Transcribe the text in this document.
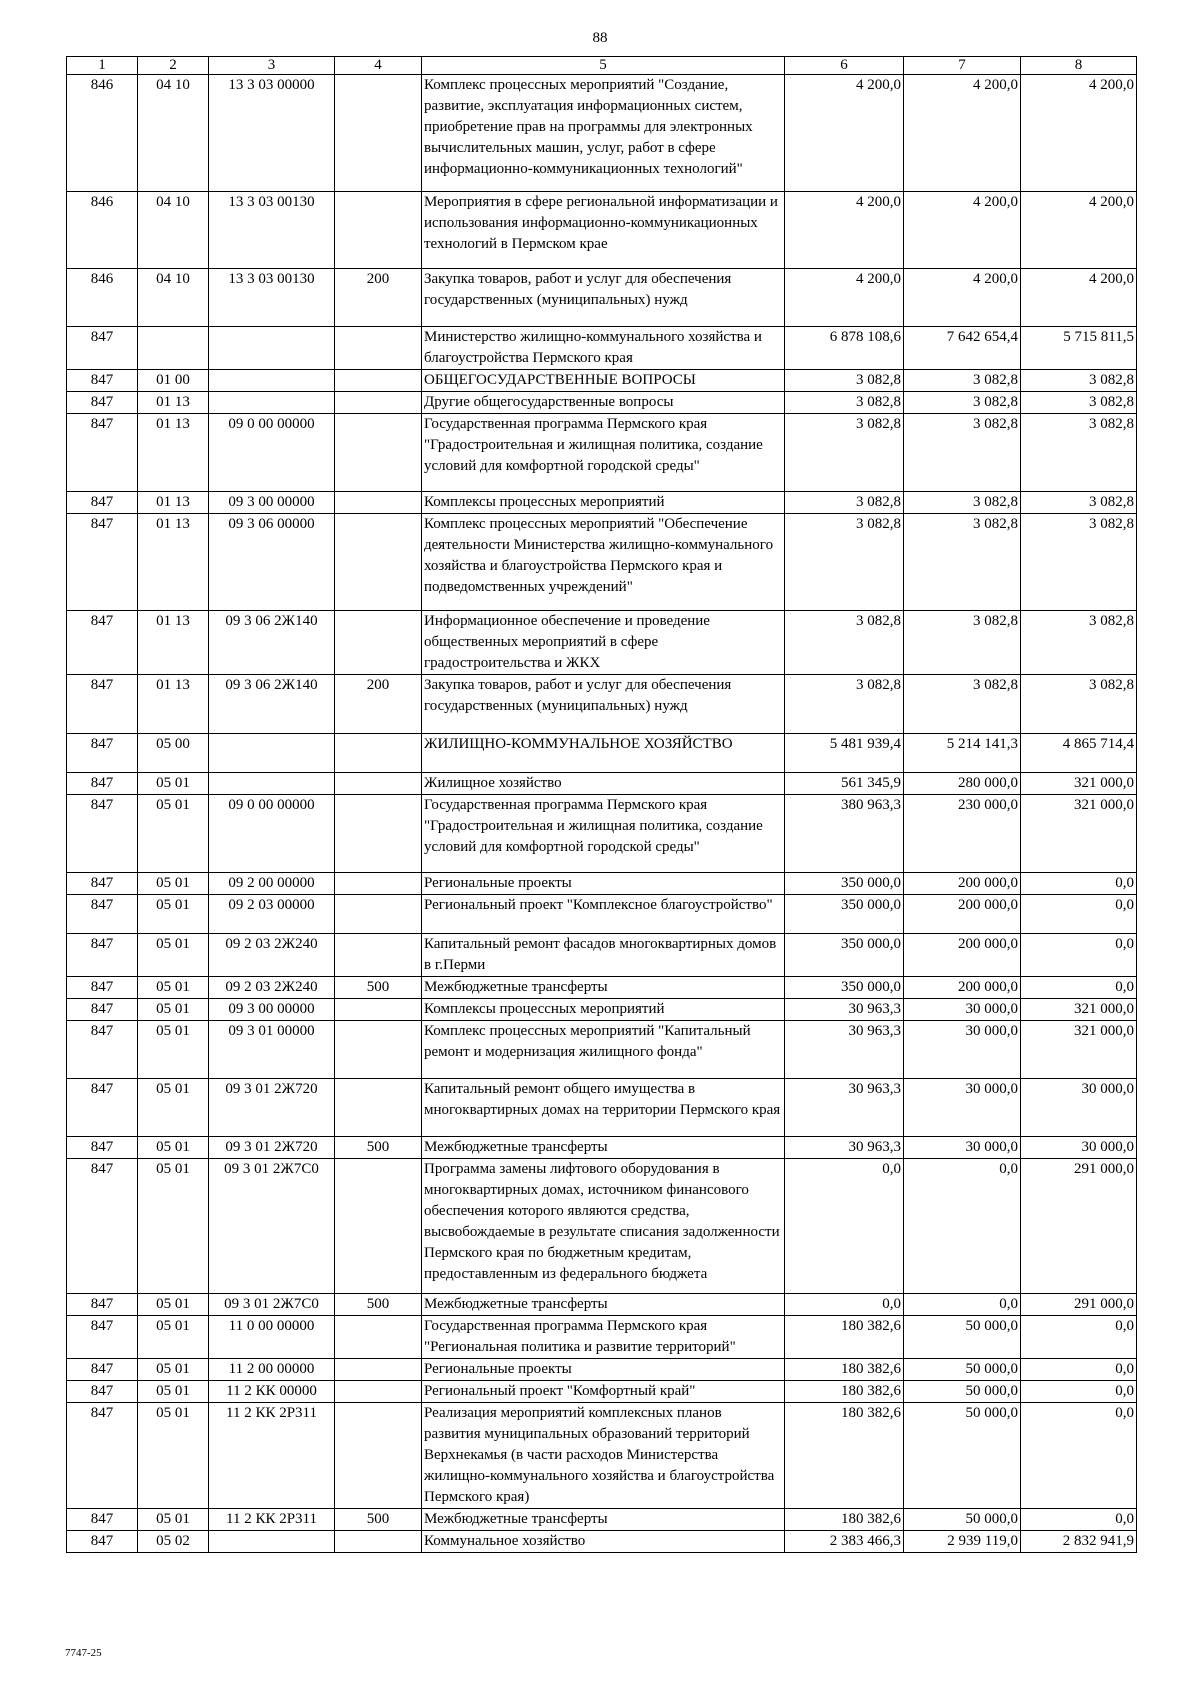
88
1	2	3	4	5	6	7	8
846	04 10	13 3 03 00000		Комплекс процессных мероприятий "Создание, развитие, эксплуатация информационных систем, приобретение прав на программы для электронных вычислительных машин, услуг, работ в сфере информационно-коммуникационных технологий"	4 200,0	4 200,0	4 200,0
846	04 10	13 3 03 00130		Мероприятия в сфере региональной информатизации и использования информационно-коммуникационных технологий в Пермском крае	4 200,0	4 200,0	4 200,0
846	04 10	13 3 03 00130	200	Закупка товаров, работ и услуг для обеспечения государственных (муниципальных) нужд	4 200,0	4 200,0	4 200,0
847				Министерство жилищно-коммунального хозяйства и благоустройства Пермского края	6 878 108,6	7 642 654,4	5 715 811,5
847	01 00			ОБЩЕГОСУДАРСТВЕННЫЕ ВОПРОСЫ	3 082,8	3 082,8	3 082,8
847	01 13			Другие общегосударственные вопросы	3 082,8	3 082,8	3 082,8
847	01 13	09 0 00 00000		Государственная программа Пермского края "Градостроительная и жилищная политика, создание условий для комфортной городской среды"	3 082,8	3 082,8	3 082,8
847	01 13	09 3 00 00000		Комплексы процессных мероприятий	3 082,8	3 082,8	3 082,8
847	01 13	09 3 06 00000		Комплекс процессных мероприятий "Обеспечение деятельности Министерства жилищно-коммунального хозяйства и благоустройства Пермского края и подведомственных учреждений"	3 082,8	3 082,8	3 082,8
847	01 13	09 3 06 2Ж140		Информационное обеспечение и проведение общественных мероприятий в сфере градостроительства и ЖКХ	3 082,8	3 082,8	3 082,8
847	01 13	09 3 06 2Ж140	200	Закупка товаров, работ и услуг для обеспечения государственных (муниципальных) нужд	3 082,8	3 082,8	3 082,8
847	05 00			ЖИЛИЩНО-КОММУНАЛЬНОЕ ХОЗЯЙСТВО	5 481 939,4	5 214 141,3	4 865 714,4
847	05 01			Жилищное хозяйство	561 345,9	280 000,0	321 000,0
847	05 01	09 0 00 00000		Государственная программа Пермского края "Градостроительная и жилищная политика, создание условий для комфортной городской среды"	380 963,3	230 000,0	321 000,0
847	05 01	09 2 00 00000		Региональные проекты	350 000,0	200 000,0	0,0
847	05 01	09 2 03 00000		Региональный проект "Комплексное благоустройство"	350 000,0	200 000,0	0,0
847	05 01	09 2 03 2Ж240		Капитальный ремонт фасадов многоквартирных домов в г.Перми	350 000,0	200 000,0	0,0
847	05 01	09 2 03 2Ж240	500	Межбюджетные трансферты	350 000,0	200 000,0	0,0
847	05 01	09 3 00 00000		Комплексы процессных мероприятий	30 963,3	30 000,0	321 000,0
847	05 01	09 3 01 00000		Комплекс процессных мероприятий "Капитальный ремонт и модернизация жилищного фонда"	30 963,3	30 000,0	321 000,0
847	05 01	09 3 01 2Ж720		Капитальный ремонт общего имущества в многоквартирных домах на территории Пермского края	30 963,3	30 000,0	30 000,0
847	05 01	09 3 01 2Ж720	500	Межбюджетные трансферты	30 963,3	30 000,0	30 000,0
847	05 01	09 3 01 2Ж7С0		Программа замены лифтового оборудования в многоквартирных домах, источником финансового обеспечения которого являются средства, высвобождаемые в результате списания задолженности Пермского края по бюджетным кредитам, предоставленным из федерального бюджета	0,0	0,0	291 000,0
847	05 01	09 3 01 2Ж7С0	500	Межбюджетные трансферты	0,0	0,0	291 000,0
847	05 01	11 0 00 00000		Государственная программа Пермского края "Региональная политика и развитие территорий"	180 382,6	50 000,0	0,0
847	05 01	11 2 00 00000		Региональные проекты	180 382,6	50 000,0	0,0
847	05 01	11 2 КК 00000		Региональный проект "Комфортный край"	180 382,6	50 000,0	0,0
847	05 01	11 2 КК 2Р311		Реализация мероприятий комплексных планов развития муниципальных образований территорий Верхнекамья (в части расходов Министерства жилищно-коммунального хозяйства и благоустройства Пермского края)	180 382,6	50 000,0	0,0
847	05 01	11 2 КК 2Р311	500	Межбюджетные трансферты	180 382,6	50 000,0	0,0
847	05 02			Коммунальное хозяйство	2 383 466,3	2 939 119,0	2 832 941,9
7747-25
